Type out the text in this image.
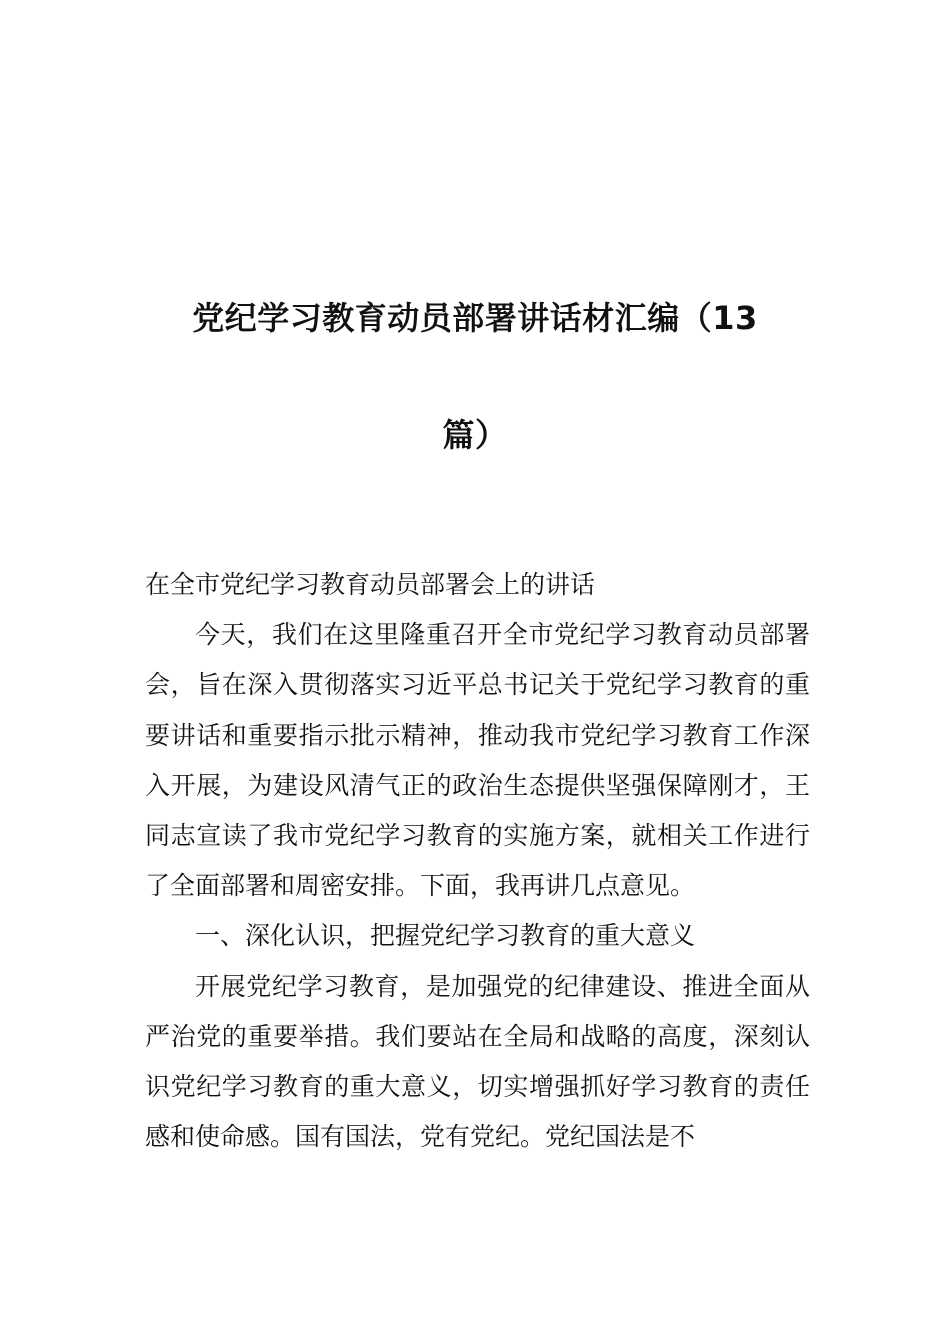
党纪学习教育动员部署讲话材汇编（13
篇）

在全市党纪学习教育动员部署会上的讲话

今天，我们在这里隆重召开全市党纪学习教育动员部署会，旨在深入贯彻落实习近平总书记关于党纪学习教育的重要讲话和重要指示批示精神，推动我市党纪学习教育工作深入开展，为建设风清气正的政治生态提供坚强保障刚才，王同志宣读了我市党纪学习教育的实施方案，就相关工作进行了全面部署和周密安排。下面，我再讲几点意见。

一、深化认识，把握党纪学习教育的重大意义

开展党纪学习教育，是加强党的纪律建设、推进全面从严治党的重要举措。我们要站在全局和战略的高度，深刻认识党纪学习教育的重大意义，切实增强抓好学习教育的责任感和使命感。国有国法，党有党纪。党纪国法是不
